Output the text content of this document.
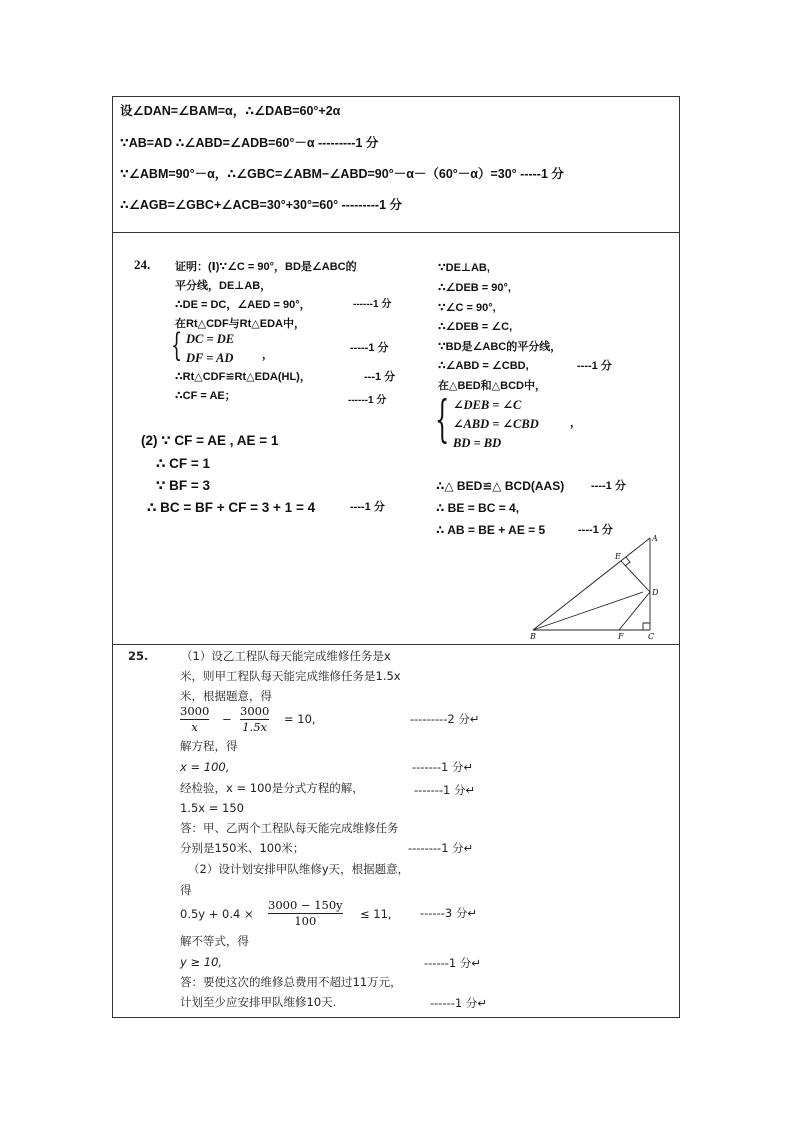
设∠DAN=∠BAM=α，∴∠DAB=60°+2α
∵AB=AD ∴∠ABD=∠ADB=60°－α ---------1 分
∵∠ABM=90°－α，∴∠GBC=∠ABM−∠ABD=90°－α－（60°－α）=30° -----1 分
∴∠AGB=∠GBC+∠ACB=30°+30°=60° ---------1 分
24. 证明：(Ⅰ)∵∠C = 90°，BD是∠ABC的
平分线，DE⊥AB，
∴DE = DC，∠AED = 90°，	------1 分
在Rt△CDF与Rt△EDA中，
{ DC = DE
DF = AD	，
-----1 分
∴Rt△CDF≌Rt△EDA(HL)，	---1 分
∴CF = AE；	------1 分
(2) ∵ CF = AE , AE = 1
∴ CF = 1
∵ BF = 3
∴ BC = BF + CF = 3 + 1 = 4	----1 分
∵DE⊥AB,
∴∠DEB = 90°,
∵∠C = 90°,
∴∠DEB = ∠C,
∵BD是∠ABC的平分线，
∴∠ABD = ∠CBD,	----1 分
在△BED和△BCD中，
{ ∠DEB = ∠C
∠ABD = ∠CBD
BD = BD
，
∴△ BED≌△ BCD(AAS) ----1 分
∴ BE = BC = 4,
∴ AB = BE + AE = 5	----1 分
A
B	C
D
E
F
25.	（1）设乙工程队每天能完成维修任务是x
米，则甲工程队每天能完成维修任务是1.5x
米，根据题意，得
3000
x
−
3000
1.5x
= 10,	---------2 分↵
解方程，得
x = 100,	-------1 分↵
经检验，x = 100是分式方程的解，	-------1 分↵
1.5x = 150
答：甲、乙两个工程队每天能完成维修任务
分别是150米、100米；	--------1 分↵
（2）设计划安排甲队维修y天，根据题意，
得
0.5y + 0.4 ×
3000 − 150y
100
≤ 11, ------3 分↵
解不等式，得
y ≥ 10,	------1 分↵
答：要使这次的维修总费用不超过11万元，
计划至少应安排甲队维修10天.	------1 分↵
